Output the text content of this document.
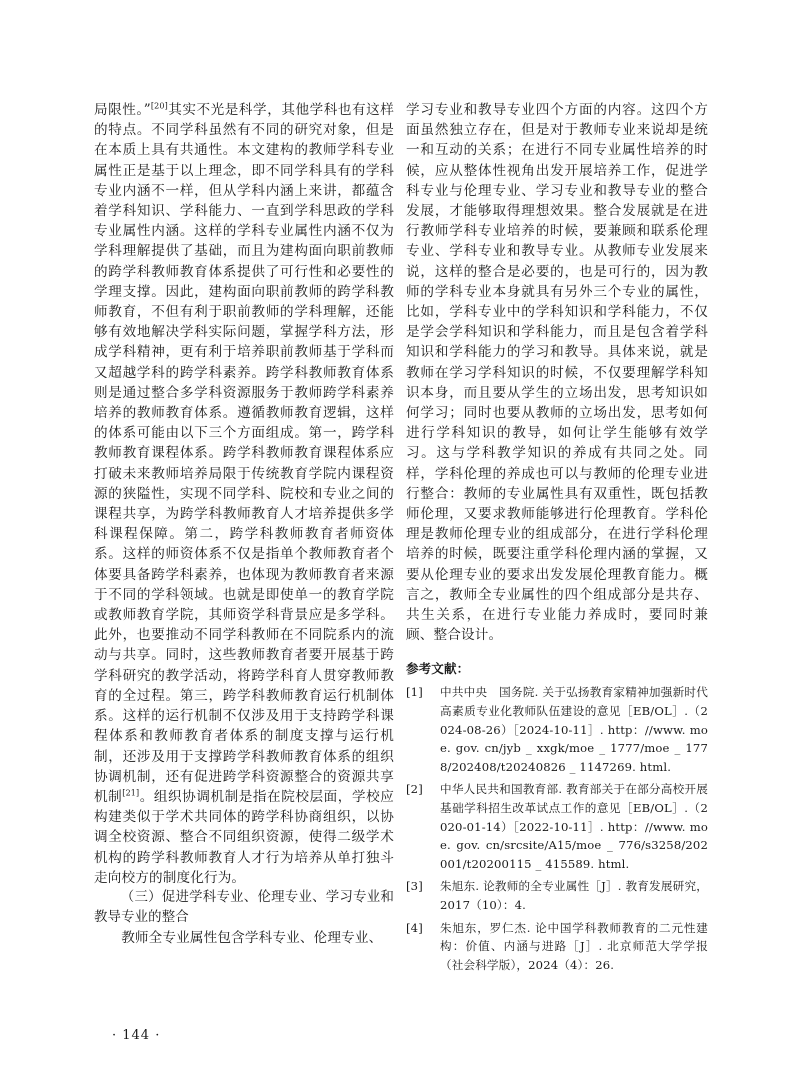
局限性。”[20]其实不光是科学，其他学科也有这样的特点。不同学科虽然有不同的研究对象，但是在本质上具有共通性。本文建构的教师学科专业属性正是基于以上理念，即不同学科具有的学科专业内涵不一样，但从学科内涵上来讲，都蕴含着学科知识、学科能力、一直到学科思政的学科专业属性内涵。这样的学科专业属性内涵不仅为学科理解提供了基础，而且为建构面向职前教师的跨学科教师教育体系提供了可行性和必要性的学理支撑。因此，建构面向职前教师的跨学科教师教育，不但有利于职前教师的学科理解，还能够有效地解决学科实际问题，掌握学科方法，形成学科精神，更有利于培养职前教师基于学科而又超越学科的跨学科素养。跨学科教师教育体系则是通过整合多学科资源服务于教师跨学科素养培养的教师教育体系。遵循教师教育逻辑，这样的体系可能由以下三个方面组成。第一，跨学科教师教育课程体系。跨学科教师教育课程体系应打破未来教师培养局限于传统教育学院内课程资源的狭隘性，实现不同学科、院校和专业之间的课程共享，为跨学科教师教育人才培养提供多学科课程保障。第二，跨学科教师教育者师资体系。这样的师资体系不仅是指单个教师教育者个体要具备跨学科素养，也体现为教师教育者来源于不同的学科领域。也就是即使单一的教育学院或教师教育学院，其师资学科背景应是多学科。此外，也要推动不同学科教师在不同院系内的流动与共享。同时，这些教师教育者要开展基于跨学科研究的教学活动，将跨学科育人贯穿教师教育的全过程。第三，跨学科教师教育运行机制体系。这样的运行机制不仅涉及用于支持跨学科课程体系和教师教育者体系的制度支撑与运行机制，还涉及用于支撑跨学科教师教育体系的组织协调机制，还有促进跨学科资源整合的资源共享机制[21]。组织协调机制是指在院校层面，学校应构建类似于学术共同体的跨学科协商组织，以协调全校资源、整合不同组织资源，使得二级学术机构的跨学科教师教育人才行为培养从单打独斗走向校方的制度化行为。

（三）促进学科专业、伦理专业、学习专业和教导专业的整合

教师全专业属性包含学科专业、伦理专业、

学习专业和教导专业四个方面的内容。这四个方面虽然独立存在，但是对于教师专业来说却是统一和互动的关系；在进行不同专业属性培养的时候，应从整体性视角出发开展培养工作，促进学科专业与伦理专业、学习专业和教导专业的整合发展，才能够取得理想效果。整合发展就是在进行教师学科专业培养的时候，要兼顾和联系伦理专业、学科专业和教导专业。从教师专业发展来说，这样的整合是必要的，也是可行的，因为教师的学科专业本身就具有另外三个专业的属性，比如，学科专业中的学科知识和学科能力，不仅是学会学科知识和学科能力，而且是包含着学科知识和学科能力的学习和教导。具体来说，就是教师在学习学科知识的时候，不仅要理解学科知识本身，而且要从学生的立场出发，思考知识如何学习；同时也要从教师的立场出发，思考如何进行学科知识的教导，如何让学生能够有效学习。这与学科教学知识的养成有共同之处。同样，学科伦理的养成也可以与教师的伦理专业进行整合：教师的专业属性具有双重性，既包括教师伦理，又要求教师能够进行伦理教育。学科伦理是教师伦理专业的组成部分，在进行学科伦理培养的时候，既要注重学科伦理内涵的掌握，又要从伦理专业的要求出发发展伦理教育能力。概言之，教师全专业属性的四个组成部分是共存、共生关系，在进行专业能力养成时，要同时兼顾、整合设计。

参考文献：
[1]	中共中央　国务院. 关于弘扬教育家精神加强新时代高素质专业化教师队伍建设的意见［EB/OL］.（2024-08-26）［2024-10-11］. http：//www. moe. gov. cn/jyb _ xxgk/moe _ 1777/moe _ 1778/202408/t20240826 _ 1147269. html.
[2]	中华人民共和国教育部. 教育部关于在部分高校开展基础学科招生改革试点工作的意见［EB/OL］.（2020-01-14）［2022-10-11］. http：//www. moe. gov. cn/srcsite/A15/moe _ 776/s3258/202001/t20200115 _ 415589. html.
[3]	朱旭东. 论教师的全专业属性［J］. 教育发展研究，2017（10）：4.
[4]	朱旭东，罗仁杰. 论中国学科教师教育的二元性建构：价值、内涵与进路［J］. 北京师范大学学报（社会科学版），2024（4）：26.
· 144 ·
